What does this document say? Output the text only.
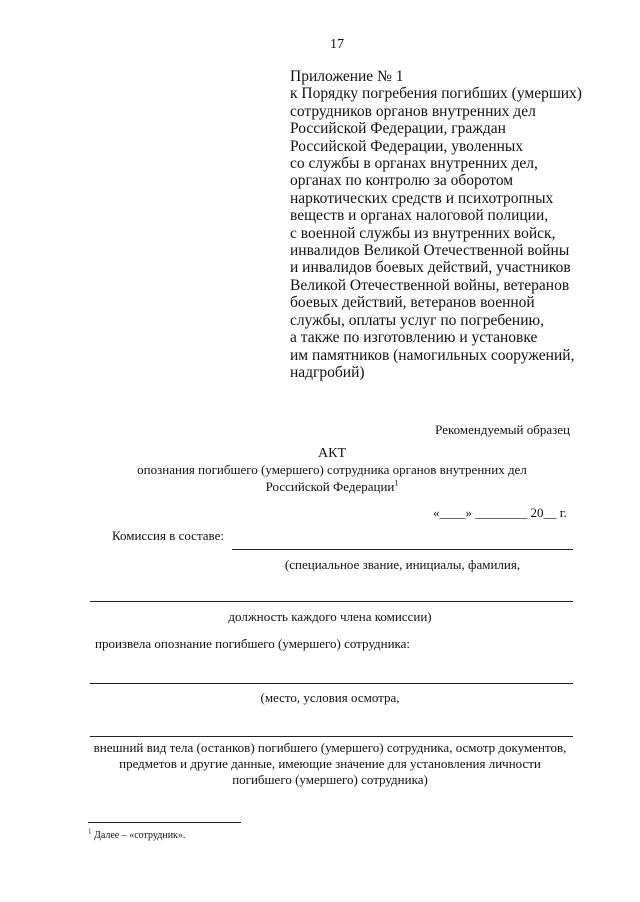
17
Приложение № 1
к Порядку погребения погибших (умерших)
сотрудников органов внутренних дел
Российской Федерации, граждан
Российской Федерации, уволенных
со службы в органах внутренних дел,
органах по контролю за оборотом
наркотических средств и психотропных
веществ и органах налоговой полиции,
с военной службы из внутренних войск,
инвалидов Великой Отечественной войны
и инвалидов боевых действий, участников
Великой Отечественной войны, ветеранов
боевых действий, ветеранов военной
службы, оплаты услуг по погребению,
а также по изготовлению и установке
им памятников (намогильных сооружений,
надгробий)
Рекомендуемый образец
АКТ
опознания погибшего (умершего) сотрудника органов внутренних дел
Российской Федерации$^1$
«____» ________ 20__ г.
Комиссия в составе:
(специальное звание, инициалы, фамилия,
должность каждого члена комиссии)
произвела опознание погибшего (умершего) сотрудника:
(место, условия осмотра,
внешний вид тела (останков) погибшего (умершего) сотрудника, осмотр документов,
предметов и другие данные, имеющие значение для установления личности
погибшего (умершего) сотрудника)
$^1$ Далее – «сотрудник».
